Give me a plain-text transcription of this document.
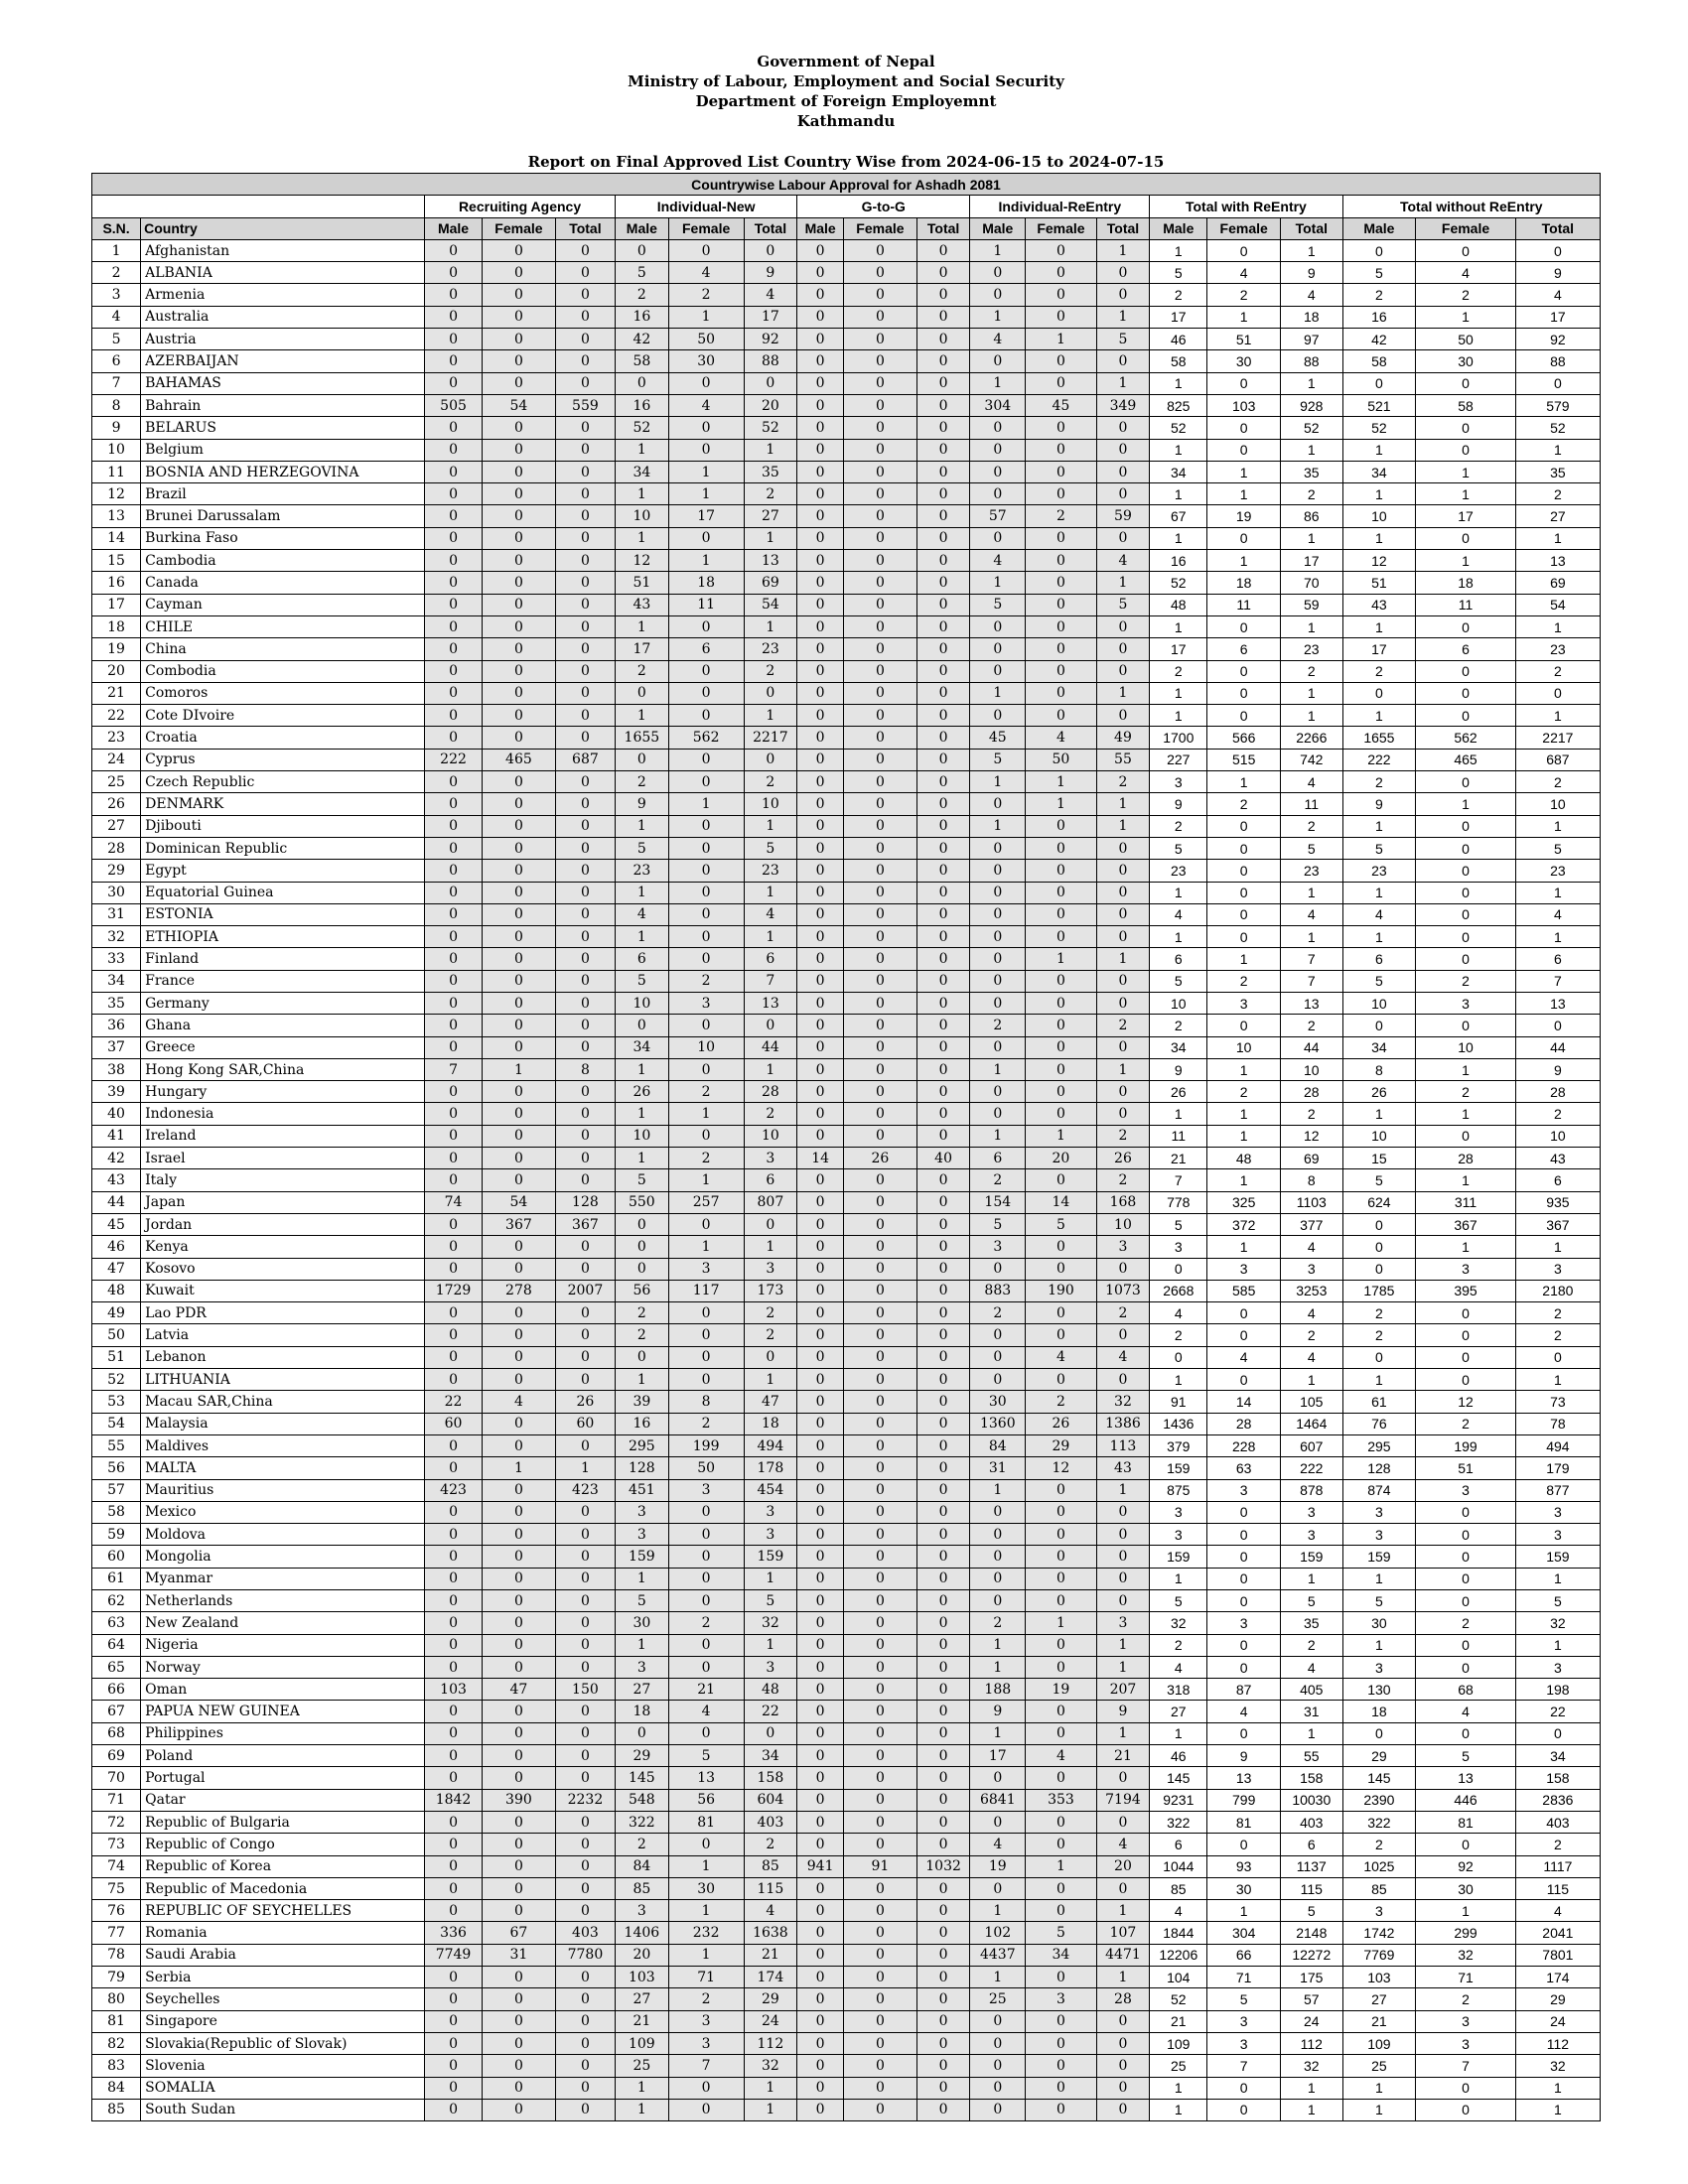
Government of Nepal
Ministry of Labour, Employment and Social Security
Department of Foreign Employemnt
Kathmandu
Report on Final Approved List Country Wise from 2024-06-15 to 2024-07-15
Countrywise Labour Approval for Ashadh 2081																			
		Recruiting Agency			Individual-New			G-to-G			Individual-ReEntry			Total with ReEntry			Total without ReEntry		
S.N.	Country	Male	Female	Total	Male	Female	Total	Male	Female	Total	Male	Female	Total	Male	Female	Total	Male	Female	Total
1	Afghanistan	0	0	0	0	0	0	0	0	0	1	0	1	1	0	1	0	0	0
2	ALBANIA	0	0	0	5	4	9	0	0	0	0	0	0	5	4	9	5	4	9
3	Armenia	0	0	0	2	2	4	0	0	0	0	0	0	2	2	4	2	2	4
4	Australia	0	0	0	16	1	17	0	0	0	1	0	1	17	1	18	16	1	17
5	Austria	0	0	0	42	50	92	0	0	0	4	1	5	46	51	97	42	50	92
6	AZERBAIJAN	0	0	0	58	30	88	0	0	0	0	0	0	58	30	88	58	30	88
7	BAHAMAS	0	0	0	0	0	0	0	0	0	1	0	1	1	0	1	0	0	0
8	Bahrain	505	54	559	16	4	20	0	0	0	304	45	349	825	103	928	521	58	579
9	BELARUS	0	0	0	52	0	52	0	0	0	0	0	0	52	0	52	52	0	52
10	Belgium	0	0	0	1	0	1	0	0	0	0	0	0	1	0	1	1	0	1
11	BOSNIA AND HERZEGOVINA	0	0	0	34	1	35	0	0	0	0	0	0	34	1	35	34	1	35
12	Brazil	0	0	0	1	1	2	0	0	0	0	0	0	1	1	2	1	1	2
13	Brunei Darussalam	0	0	0	10	17	27	0	0	0	57	2	59	67	19	86	10	17	27
14	Burkina Faso	0	0	0	1	0	1	0	0	0	0	0	0	1	0	1	1	0	1
15	Cambodia	0	0	0	12	1	13	0	0	0	4	0	4	16	1	17	12	1	13
16	Canada	0	0	0	51	18	69	0	0	0	1	0	1	52	18	70	51	18	69
17	Cayman	0	0	0	43	11	54	0	0	0	5	0	5	48	11	59	43	11	54
18	CHILE	0	0	0	1	0	1	0	0	0	0	0	0	1	0	1	1	0	1
19	China	0	0	0	17	6	23	0	0	0	0	0	0	17	6	23	17	6	23
20	Combodia	0	0	0	2	0	2	0	0	0	0	0	0	2	0	2	2	0	2
21	Comoros	0	0	0	0	0	0	0	0	0	1	0	1	1	0	1	0	0	0
22	Cote DIvoire	0	0	0	1	0	1	0	0	0	0	0	0	1	0	1	1	0	1
23	Croatia	0	0	0	1655	562	2217	0	0	0	45	4	49	1700	566	2266	1655	562	2217
24	Cyprus	222	465	687	0	0	0	0	0	0	5	50	55	227	515	742	222	465	687
25	Czech Republic	0	0	0	2	0	2	0	0	0	1	1	2	3	1	4	2	0	2
26	DENMARK	0	0	0	9	1	10	0	0	0	0	1	1	9	2	11	9	1	10
27	Djibouti	0	0	0	1	0	1	0	0	0	1	0	1	2	0	2	1	0	1
28	Dominican Republic	0	0	0	5	0	5	0	0	0	0	0	0	5	0	5	5	0	5
29	Egypt	0	0	0	23	0	23	0	0	0	0	0	0	23	0	23	23	0	23
30	Equatorial Guinea	0	0	0	1	0	1	0	0	0	0	0	0	1	0	1	1	0	1
31	ESTONIA	0	0	0	4	0	4	0	0	0	0	0	0	4	0	4	4	0	4
32	ETHIOPIA	0	0	0	1	0	1	0	0	0	0	0	0	1	0	1	1	0	1
33	Finland	0	0	0	6	0	6	0	0	0	0	1	1	6	1	7	6	0	6
34	France	0	0	0	5	2	7	0	0	0	0	0	0	5	2	7	5	2	7
35	Germany	0	0	0	10	3	13	0	0	0	0	0	0	10	3	13	10	3	13
36	Ghana	0	0	0	0	0	0	0	0	0	2	0	2	2	0	2	0	0	0
37	Greece	0	0	0	34	10	44	0	0	0	0	0	0	34	10	44	34	10	44
38	Hong Kong SAR,China	7	1	8	1	0	1	0	0	0	1	0	1	9	1	10	8	1	9
39	Hungary	0	0	0	26	2	28	0	0	0	0	0	0	26	2	28	26	2	28
40	Indonesia	0	0	0	1	1	2	0	0	0	0	0	0	1	1	2	1	1	2
41	Ireland	0	0	0	10	0	10	0	0	0	1	1	2	11	1	12	10	0	10
42	Israel	0	0	0	1	2	3	14	26	40	6	20	26	21	48	69	15	28	43
43	Italy	0	0	0	5	1	6	0	0	0	2	0	2	7	1	8	5	1	6
44	Japan	74	54	128	550	257	807	0	0	0	154	14	168	778	325	1103	624	311	935
45	Jordan	0	367	367	0	0	0	0	0	0	5	5	10	5	372	377	0	367	367
46	Kenya	0	0	0	0	1	1	0	0	0	3	0	3	3	1	4	0	1	1
47	Kosovo	0	0	0	0	3	3	0	0	0	0	0	0	0	3	3	0	3	3
48	Kuwait	1729	278	2007	56	117	173	0	0	0	883	190	1073	2668	585	3253	1785	395	2180
49	Lao PDR	0	0	0	2	0	2	0	0	0	2	0	2	4	0	4	2	0	2
50	Latvia	0	0	0	2	0	2	0	0	0	0	0	0	2	0	2	2	0	2
51	Lebanon	0	0	0	0	0	0	0	0	0	0	4	4	0	4	4	0	0	0
52	LITHUANIA	0	0	0	1	0	1	0	0	0	0	0	0	1	0	1	1	0	1
53	Macau SAR,China	22	4	26	39	8	47	0	0	0	30	2	32	91	14	105	61	12	73
54	Malaysia	60	0	60	16	2	18	0	0	0	1360	26	1386	1436	28	1464	76	2	78
55	Maldives	0	0	0	295	199	494	0	0	0	84	29	113	379	228	607	295	199	494
56	MALTA	0	1	1	128	50	178	0	0	0	31	12	43	159	63	222	128	51	179
57	Mauritius	423	0	423	451	3	454	0	0	0	1	0	1	875	3	878	874	3	877
58	Mexico	0	0	0	3	0	3	0	0	0	0	0	0	3	0	3	3	0	3
59	Moldova	0	0	0	3	0	3	0	0	0	0	0	0	3	0	3	3	0	3
60	Mongolia	0	0	0	159	0	159	0	0	0	0	0	0	159	0	159	159	0	159
61	Myanmar	0	0	0	1	0	1	0	0	0	0	0	0	1	0	1	1	0	1
62	Netherlands	0	0	0	5	0	5	0	0	0	0	0	0	5	0	5	5	0	5
63	New Zealand	0	0	0	30	2	32	0	0	0	2	1	3	32	3	35	30	2	32
64	Nigeria	0	0	0	1	0	1	0	0	0	1	0	1	2	0	2	1	0	1
65	Norway	0	0	0	3	0	3	0	0	0	1	0	1	4	0	4	3	0	3
66	Oman	103	47	150	27	21	48	0	0	0	188	19	207	318	87	405	130	68	198
67	PAPUA NEW GUINEA	0	0	0	18	4	22	0	0	0	9	0	9	27	4	31	18	4	22
68	Philippines	0	0	0	0	0	0	0	0	0	1	0	1	1	0	1	0	0	0
69	Poland	0	0	0	29	5	34	0	0	0	17	4	21	46	9	55	29	5	34
70	Portugal	0	0	0	145	13	158	0	0	0	0	0	0	145	13	158	145	13	158
71	Qatar	1842	390	2232	548	56	604	0	0	0	6841	353	7194	9231	799	10030	2390	446	2836
72	Republic of Bulgaria	0	0	0	322	81	403	0	0	0	0	0	0	322	81	403	322	81	403
73	Republic of Congo	0	0	0	2	0	2	0	0	0	4	0	4	6	0	6	2	0	2
74	Republic of Korea	0	0	0	84	1	85	941	91	1032	19	1	20	1044	93	1137	1025	92	1117
75	Republic of Macedonia	0	0	0	85	30	115	0	0	0	0	0	0	85	30	115	85	30	115
76	REPUBLIC OF SEYCHELLES	0	0	0	3	1	4	0	0	0	1	0	1	4	1	5	3	1	4
77	Romania	336	67	403	1406	232	1638	0	0	0	102	5	107	1844	304	2148	1742	299	2041
78	Saudi Arabia	7749	31	7780	20	1	21	0	0	0	4437	34	4471	12206	66	12272	7769	32	7801
79	Serbia	0	0	0	103	71	174	0	0	0	1	0	1	104	71	175	103	71	174
80	Seychelles	0	0	0	27	2	29	0	0	0	25	3	28	52	5	57	27	2	29
81	Singapore	0	0	0	21	3	24	0	0	0	0	0	0	21	3	24	21	3	24
82	Slovakia(Republic of Slovak)	0	0	0	109	3	112	0	0	0	0	0	0	109	3	112	109	3	112
83	Slovenia	0	0	0	25	7	32	0	0	0	0	0	0	25	7	32	25	7	32
84	SOMALIA	0	0	0	1	0	1	0	0	0	0	0	0	1	0	1	1	0	1
85	South Sudan	0	0	0	1	0	1	0	0	0	0	0	0	1	0	1	1	0	1
